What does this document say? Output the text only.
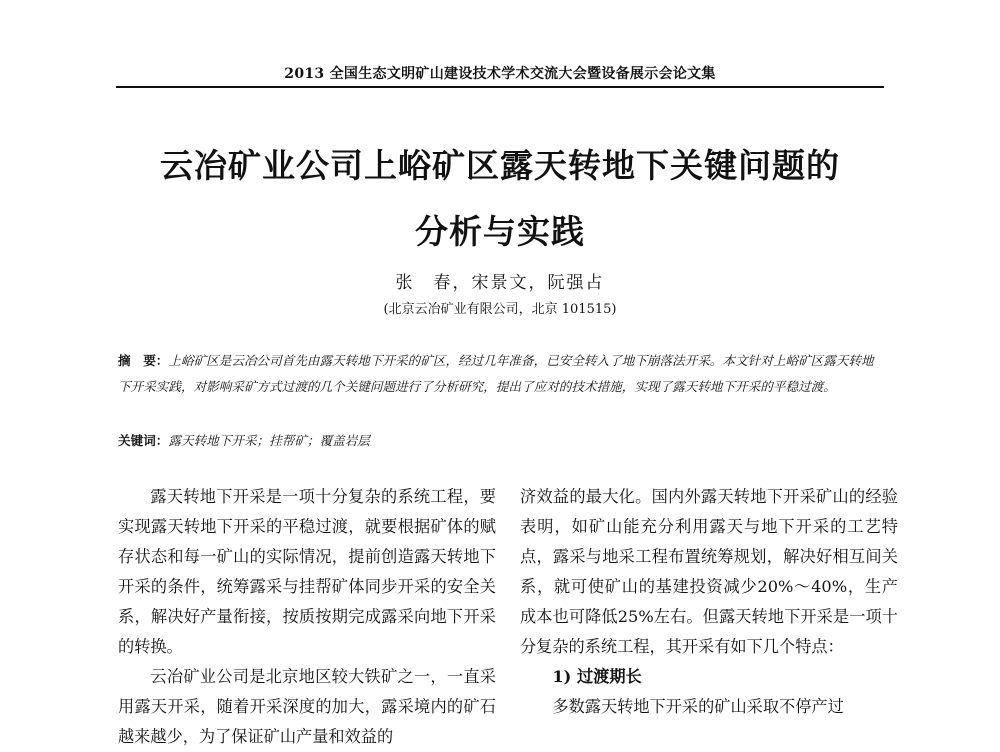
2013 全国生态文明矿山建设技术学术交流大会暨设备展示会论文集
云冶矿业公司上峪矿区露天转地下关键问题的
分析与实践
张　春，宋景文，阮强占
(北京云冶矿业有限公司，北京 101515)

摘　要：上峪矿区是云冶公司首先由露天转地下开采的矿区，经过几年准备，已安全转入了地下崩落法开采。本文针对上峪矿区露天转地下开采实践，对影响采矿方式过渡的几个关键问题进行了分析研究，提出了应对的技术措施，实现了露天转地下开采的平稳过渡。

关键词：露天转地下开采；挂帮矿；覆盖岩层

露天转地下开采是一项十分复杂的系统工程，要实现露天转地下开采的平稳过渡，就要根据矿体的赋存状态和每一矿山的实际情况，提前创造露天转地下开采的条件，统筹露采与挂帮矿体同步开采的安全关系，解决好产量衔接，按质按期完成露采向地下开采的转换。

云冶矿业公司是北京地区较大铁矿之一，一直采用露天开采，随着开采深度的加大，露采境内的矿石越来越少，为了保证矿山产量和效益的

济效益的最大化。国内外露天转地下开采矿山的经验表明，如矿山能充分利用露天与地下开采的工艺特点，露采与地采工程布置统筹规划，解决好相互间关系，就可使矿山的基建投资减少20%～40%，生产成本也可降低25%左右。但露天转地下开采是一项十分复杂的系统工程，其开采有如下几个特点：

1) 过渡期长

多数露天转地下开采的矿山采取不停产过
